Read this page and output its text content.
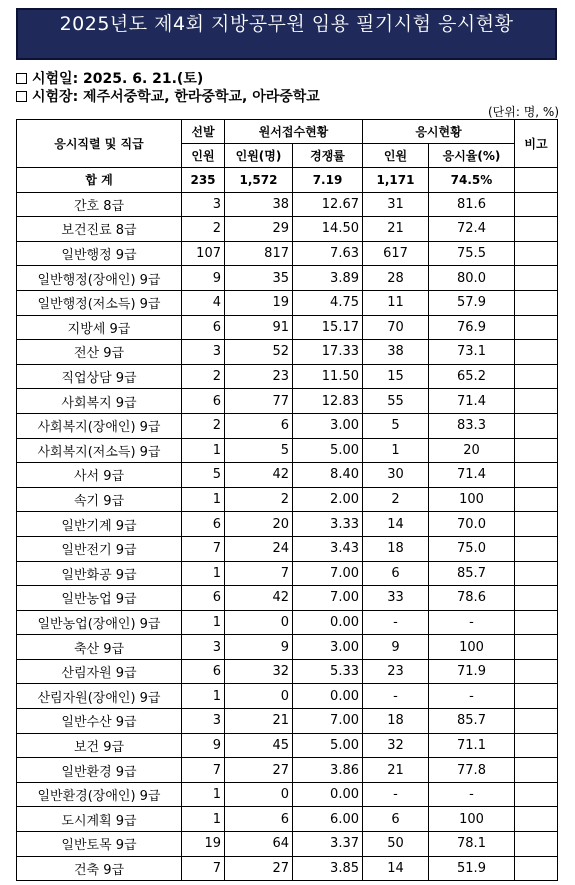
2025년도 제4회 지방공무원 임용 필기시험 응시현황
시험일: 2025. 6. 21.(토)
시험장: 제주서중학교, 한라중학교, 아라중학교
(단위: 명, %)
응시직렬 및 직급	선발	원서접수현황		응시현황		비고
	인원	인원(명)	경쟁률	인원	응시율(%)	
합 계	235	1,572	7.19	1,171	74.5%	
간호 8급	3	38	12.67	31	81.6	
보건진료 8급	2	29	14.50	21	72.4	
일반행정 9급	107	817	7.63	617	75.5	
일반행정(장애인) 9급	9	35	3.89	28	80.0	
일반행정(저소득) 9급	4	19	4.75	11	57.9	
지방세 9급	6	91	15.17	70	76.9	
전산 9급	3	52	17.33	38	73.1	
직업상담 9급	2	23	11.50	15	65.2	
사회복지 9급	6	77	12.83	55	71.4	
사회복지(장애인) 9급	2	6	3.00	5	83.3	
사회복지(저소득) 9급	1	5	5.00	1	20	
사서 9급	5	42	8.40	30	71.4	
속기 9급	1	2	2.00	2	100	
일반기계 9급	6	20	3.33	14	70.0	
일반전기 9급	7	24	3.43	18	75.0	
일반화공 9급	1	7	7.00	6	85.7	
일반농업 9급	6	42	7.00	33	78.6	
일반농업(장애인) 9급	1	0	0.00	-	-	
축산 9급	3	9	3.00	9	100	
산림자원 9급	6	32	5.33	23	71.9	
산림자원(장애인) 9급	1	0	0.00	-	-	
일반수산 9급	3	21	7.00	18	85.7	
보건 9급	9	45	5.00	32	71.1	
일반환경 9급	7	27	3.86	21	77.8	
일반환경(장애인) 9급	1	0	0.00	-	-	
도시계획 9급	1	6	6.00	6	100	
일반토목 9급	19	64	3.37	50	78.1	
건축 9급	7	27	3.85	14	51.9	
